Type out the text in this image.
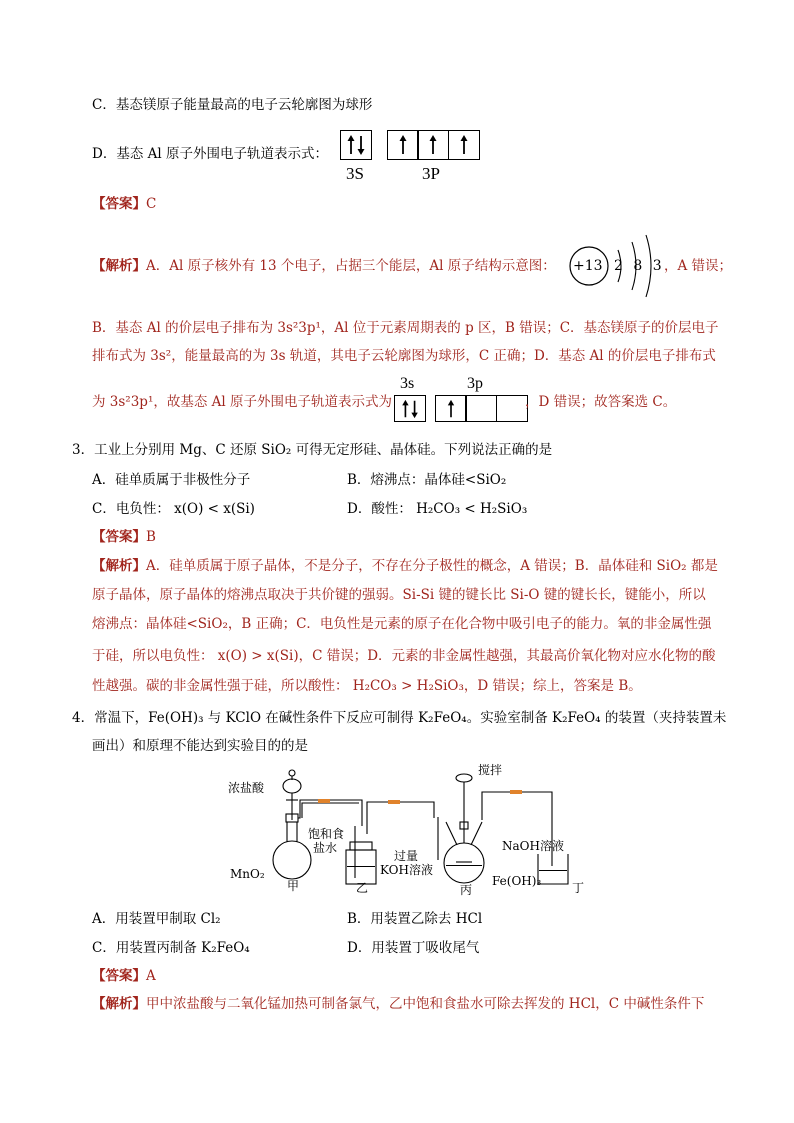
C．基态镁原子能量最高的电子云轮廓图为球形
D．基态 Al 原子外围电子轨道表示式：
3S	3P
【答案】C
【解析】A．Al 原子核外有 13 个电子，占据三个能层，Al 原子结构示意图： +13 2 8 3 ，A 错误；
B．基态 Al 的价层电子排布为 3s²3p¹，Al 位于元素周期表的 p 区，B 错误；C．基态镁原子的价层电子
排布式为 3s²，能量最高的为 3s 轨道，其电子云轮廓图为球形，C 正确；D．基态 Al 的价层电子排布式
3s	3p
为 3s²3p¹，故基态 Al 原子外围电子轨道表示式为	，D 错误；故答案选 C。
3．工业上分别用 Mg、C 还原 SiO₂ 可得无定形硅、晶体硅。下列说法正确的是
A．硅单质属于非极性分子	B．熔沸点：晶体硅<SiO₂
C．电负性： x(O) < x(Si)	D．酸性： H₂CO₃ < H₂SiO₃
【答案】B
【解析】A．硅单质属于原子晶体，不是分子，不存在分子极性的概念，A 错误；B．晶体硅和 SiO₂ 都是
原子晶体，原子晶体的熔沸点取决于共价键的强弱。Si-Si 键的键长比 Si-O 键的键长长，键能小，所以
熔沸点：晶体硅<SiO₂，B 正确；C．电负性是元素的原子在化合物中吸引电子的能力。氧的非金属性强
于硅，所以电负性： x(O) > x(Si)，C 错误；D．元素的非金属性越强，其最高价氧化物对应水化物的酸
性越强。碳的非金属性强于硅，所以酸性： H₂CO₃ > H₂SiO₃，D 错误；综上，答案是 B。
4．常温下，Fe(OH)₃ 与 KClO 在碱性条件下反应可制得 K₂FeO₄。实验室制备 K₂FeO₄ 的装置（夹持装置未
画出）和原理不能达到实验目的的是
浓盐酸
MnO₂
甲
饱和食
盐水
乙
搅拌
过量
KOH溶液
丙
Fe(OH)₃
NaOH溶液
丁
A．用装置甲制取 Cl₂	B．用装置乙除去 HCl
C．用装置丙制备 K₂FeO₄	D．用装置丁吸收尾气
【答案】A
【解析】甲中浓盐酸与二氧化锰加热可制备氯气，乙中饱和食盐水可除去挥发的 HCl，C 中碱性条件下
